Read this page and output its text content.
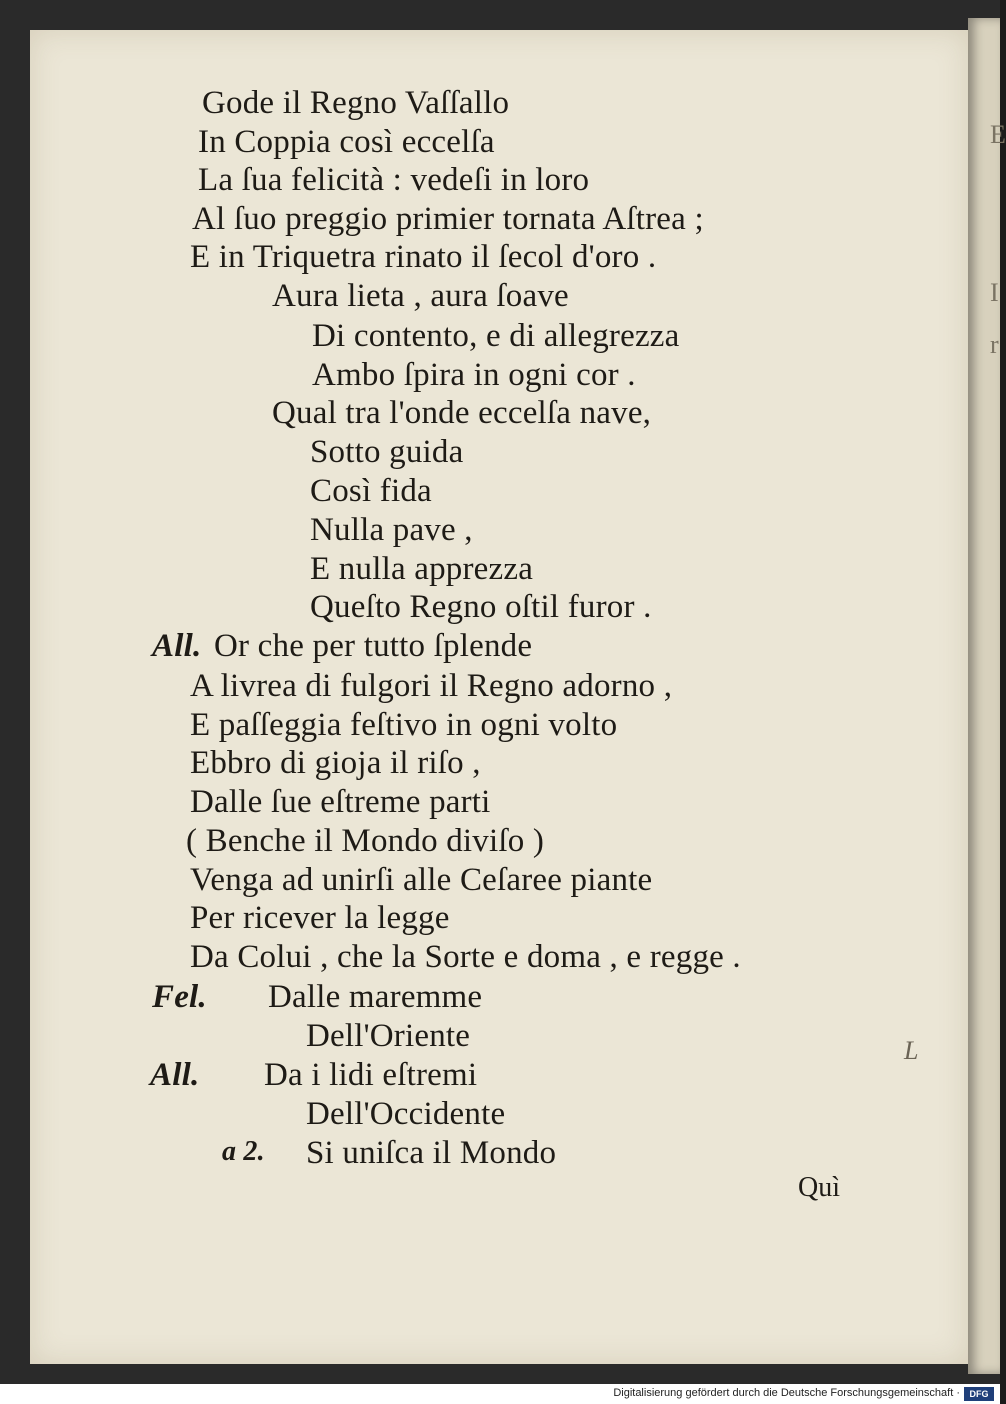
E
I
r
Gode il Regno Vaſſallo
In Coppia così eccelſa
La ſua felicità : vedeſi in loro
Al ſuo preggio primier tornata Aſtrea ;
E in Triquetra rinato il ſecol d'oro .
Aura lieta , aura ſoave
Di contento, e di allegrezza
Ambo ſpira in ogni cor .
Qual tra l'onde eccelſa nave,
Sotto guida
Così fida
Nulla pave ,
E nulla apprezza
Queſto Regno oſtil furor .
All. Or che per tutto ſplende
A livrea di fulgori il Regno adorno ,
E paſſeggia feſtivo in ogni volto
Ebbro di gioja il riſo ,
Dalle ſue eſtreme parti
( Benche il Mondo diviſo )
Venga ad unirſi alle Ceſaree piante
Per ricever la legge
Da Colui , che la Sorte e doma , e regge .
Fel. Dalle maremme
Dell'Oriente
All. Da i lidi eſtremi
Dell'Occidente
a 2. Si uniſca il Mondo
Quì
L
Digitalisierung gefördert durch die Deutsche Forschungsgemeinschaft ·	DFG
